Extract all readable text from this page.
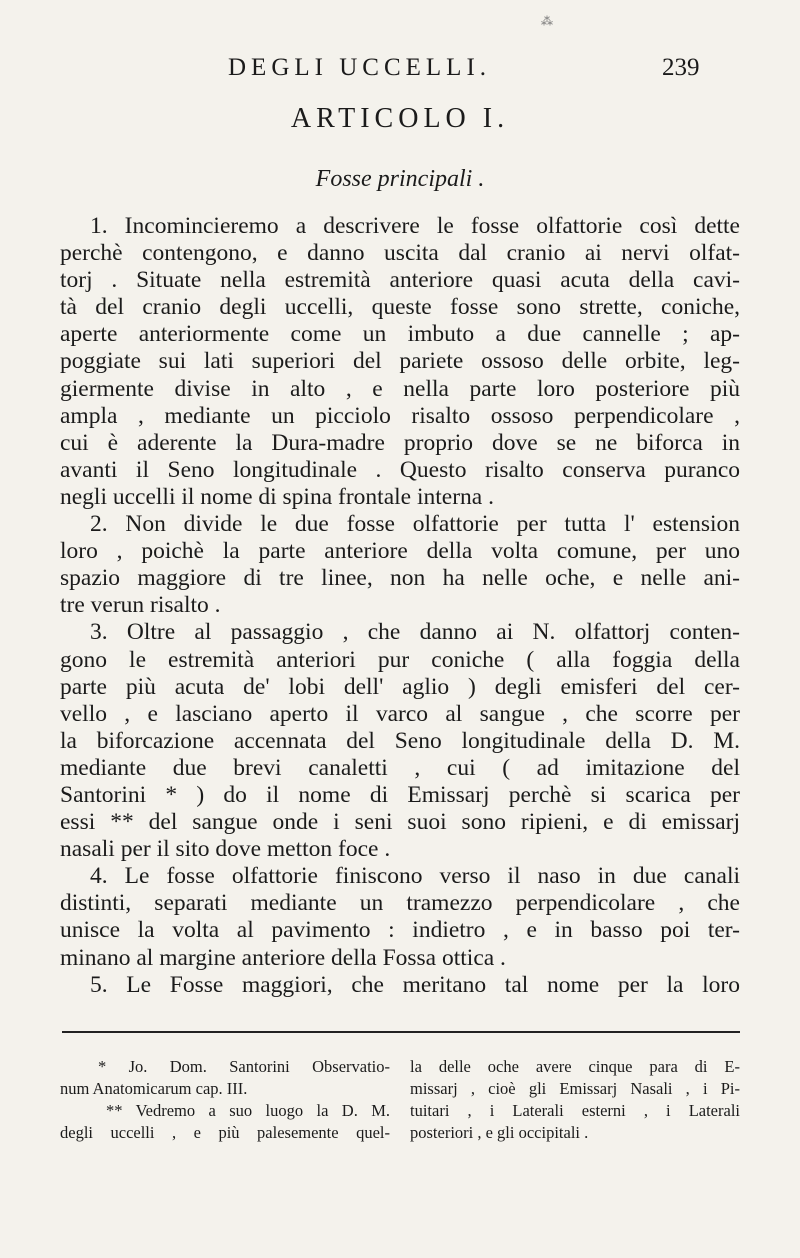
⁂
DEGLI UCCELLI.	239
ARTICOLO I.
Fosse principali .
1. Incomincieremo a descrivere le fosse olfattorie così dette
perchè contengono, e danno uscita dal cranio ai nervi olfat-
torj . Situate nella estremità anteriore quasi acuta della cavi-
tà del cranio degli uccelli, queste fosse sono strette, coniche,
aperte anteriormente come un imbuto a due cannelle ; ap-
poggiate sui lati superiori del pariete ossoso delle orbite, leg-
giermente divise in alto , e nella parte loro posteriore più
ampla , mediante un picciolo risalto ossoso perpendicolare ,
cui è aderente la Dura-madre proprio dove se ne biforca in
avanti il Seno longitudinale . Questo risalto conserva puranco
negli uccelli il nome di spina frontale interna .
2. Non divide le due fosse olfattorie per tutta l' estension
loro , poichè la parte anteriore della volta comune, per uno
spazio maggiore di tre linee, non ha nelle oche, e nelle ani-
tre verun risalto .
3. Oltre al passaggio , che danno ai N. olfattorj conten-
gono le estremità anteriori pur coniche ( alla foggia della
parte più acuta de' lobi dell' aglio ) degli emisferi del cer-
vello , e lasciano aperto il varco al sangue , che scorre per
la biforcazione accennata del Seno longitudinale della D. M.
mediante due brevi canaletti , cui ( ad imitazione del
Santorini * ) do il nome di Emissarj perchè si scarica per
essi ** del sangue onde i seni suoi sono ripieni, e di emissarj
nasali per il sito dove metton foce .
4. Le fosse olfattorie finiscono verso il naso in due canali
distinti, separati mediante un tramezzo perpendicolare , che
unisce la volta al pavimento : indietro , e in basso poi ter-
minano al margine anteriore della Fossa ottica .
5. Le Fosse maggiori, che meritano tal nome per la loro
* Jo. Dom. Santorini Observatio-
num Anatomicarum cap. III.
** Vedremo a suo luogo la D. M.
degli uccelli , e più palesemente quel-
la delle oche avere cinque para di E-
missarj , cioè gli Emissarj Nasali , i Pi-
tuitari , i Laterali esterni , i Laterali
posteriori , e gli occipitali .
